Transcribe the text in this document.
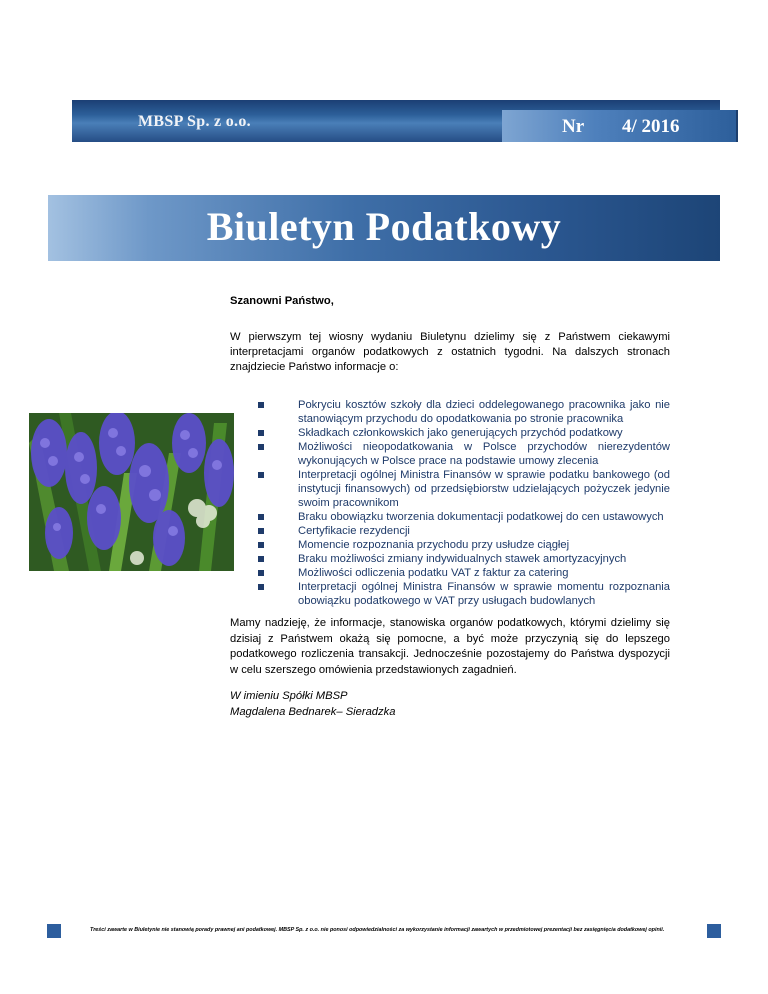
MBSP Sp. z o.o.	Nr 4/ 2016
Biuletyn Podatkowy
Szanowni Państwo,
W pierwszym tej wiosny wydaniu Biuletynu dzielimy się z Państwem ciekawymi interpretacjami organów podatkowych z ostatnich tygodni. Na dalszych stronach znajdziecie Państwo informacje o:
Pokryciu kosztów szkoły dla dzieci oddelegowanego pracownika jako nie stanowiącym przychodu do opodatkowania po stronie pracownika
Składkach członkowskich jako generujących przychód podatkowy
Możliwości nieopodatkowania w Polsce przychodów nierezydentów wykonujących w Polsce prace na podstawie umowy zlecenia
Interpretacji ogólnej Ministra Finansów w sprawie podatku bankowego (od instytucji finansowych) od przedsiębiorstw udzielających pożyczek jedynie swoim pracownikom
Braku obowiązku tworzenia dokumentacji podatkowej do cen ustawowych
Certyfikacie rezydencji
Momencie rozpoznania przychodu przy usłudze ciągłej
Braku możliwości zmiany indywidualnych stawek amortyzacyjnych
Możliwości odliczenia podatku VAT z faktur za catering
Interpretacji ogólnej Ministra Finansów w sprawie momentu rozpoznania obowiązku podatkowego w VAT przy usługach budowlanych
Mamy nadzieję, że informacje, stanowiska organów podatkowych, którymi dzielimy się dzisiaj z Państwem okażą się pomocne, a być może przyczynią się do lepszego podatkowego rozliczenia transakcji. Jednocześnie pozostajemy do Państwa dyspozycji w celu szerszego omówienia przedstawionych zagadnień.
W imieniu Spółki MBSP
Magdalena Bednarek– Sieradzka
Treści zawarte w Biuletynie nie stanowią porady prawnej ani podatkowej. MBSP Sp. z o.o. nie ponosi odpowiedzialności za wykorzystanie informacji zawartych w przedmiotowej prezentacji bez zasięgnięcia dodatkowej opinii.
